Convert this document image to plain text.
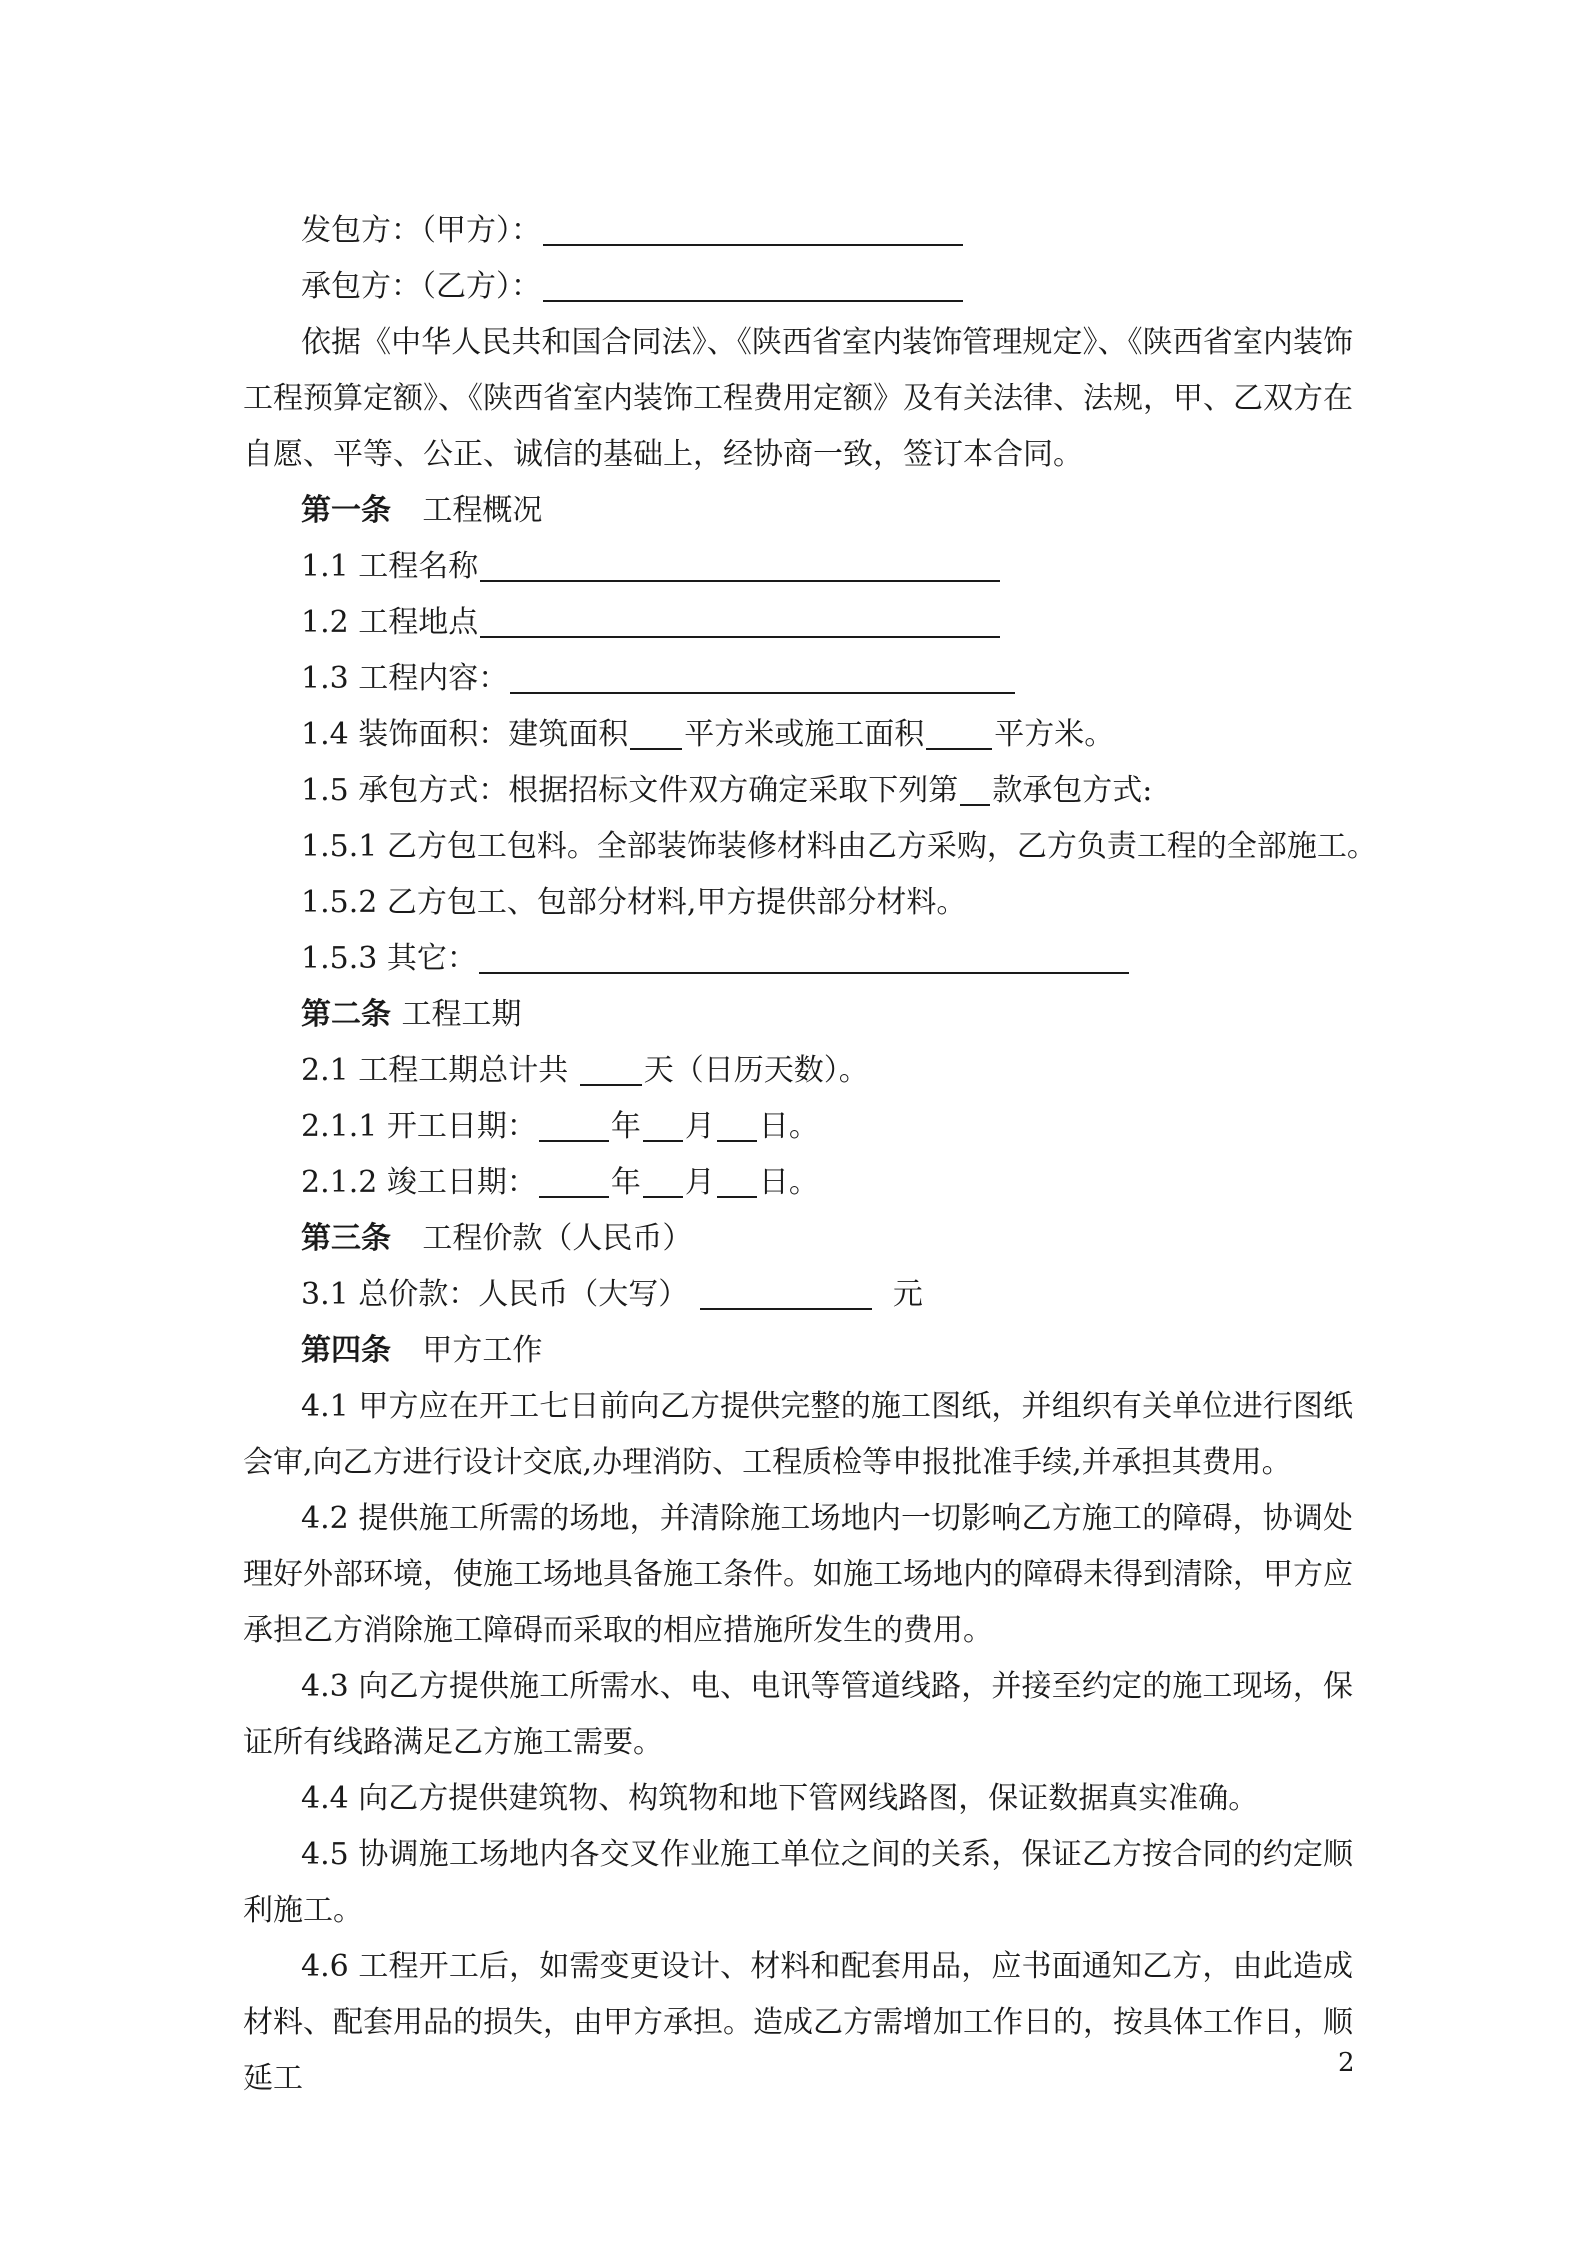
发包方：（甲方）：
承包方：（乙方）：
依据《中华人民共和国合同法》、《陕西省室内装饰管理规定》、《陕西省室内装饰工程预算定额》、《陕西省室内装饰工程费用定额》及有关法律、法规，甲、乙双方在自愿、平等、公正、诚信的基础上，经协商一致，签订本合同。
第一条 工程概况
1.1 工程名称
1.2 工程地点
1.3 工程内容：
1.4 装饰面积：建筑面积 平方米或施工面积 平方米。
1.5 承包方式：根据招标文件双方确定采取下列第 款承包方式:
1.5.1 乙方包工包料。全部装饰装修材料由乙方采购，乙方负责工程的全部施工。
1.5.2 乙方包工、包部分材料,甲方提供部分材料。
1.5.3 其它：
第二条 工程工期
2.1 工程工期总计共	天（日历天数）。
2.1.1 开工日期： 年 月 日。
2.1.2 竣工日期： 年 月 日。
第三条 工程价款（人民币）
3.1 总价款：人民币（大写）	元
第四条 甲方工作
4.1 甲方应在开工七日前向乙方提供完整的施工图纸，并组织有关单位进行图纸会审,向乙方进行设计交底,办理消防、工程质检等申报批准手续,并承担其费用。
4.2 提供施工所需的场地，并清除施工场地内一切影响乙方施工的障碍，协调处理好外部环境，使施工场地具备施工条件。如施工场地内的障碍未得到清除，甲方应承担乙方消除施工障碍而采取的相应措施所发生的费用。
4.3 向乙方提供施工所需水、电、电讯等管道线路，并接至约定的施工现场，保证所有线路满足乙方施工需要。
4.4 向乙方提供建筑物、构筑物和地下管网线路图，保证数据真实准确。
4.5 协调施工场地内各交叉作业施工单位之间的关系，保证乙方按合同的约定顺利施工。
4.6 工程开工后，如需变更设计、材料和配套用品，应书面通知乙方，由此造成材料、配套用品的损失，由甲方承担。造成乙方需增加工作日的，按具体工作日，顺延工	2
